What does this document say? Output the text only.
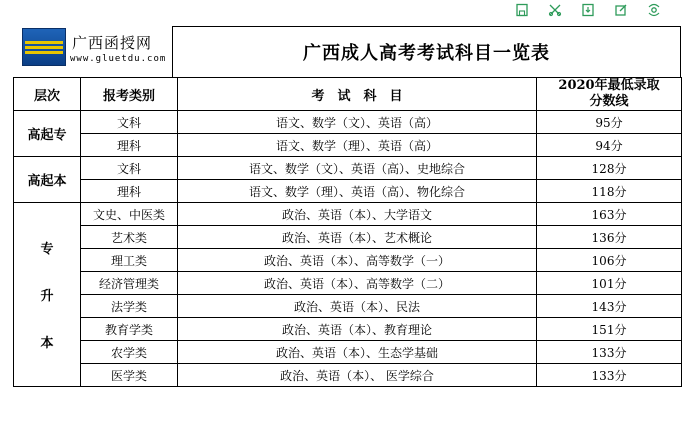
广西函授网
www.gluetdu.com	广西成人高考考试科目一览表
层次	报考类别	考　试　科　目	2020年最低录取分数线
高起专	文科	语文、数学（文）、英语（高）	95分
	理科	语文、数学（理）、英语（高）	94分
高起本	文科	语文、数学（文）、英语（高）、史地综合	128分
	理科	语文、数学（理）、英语（高）、物化综合	118分

专
升
本	文史、中医类	政治、英语（本）、大学语文	163分
	艺术类	政治、英语（本）、艺术概论	136分
	理工类	政治、英语（本）、高等数学（一）	106分
	经济管理类	政治、英语（本）、高等数学（二）	101分
	法学类	政治、英语（本）、民法	143分
	教育学类	政治、英语（本）、教育理论	151分
	农学类	政治、英语（本）、生态学基础	133分
	医学类	政治、英语（本）、 医学综合	133分
